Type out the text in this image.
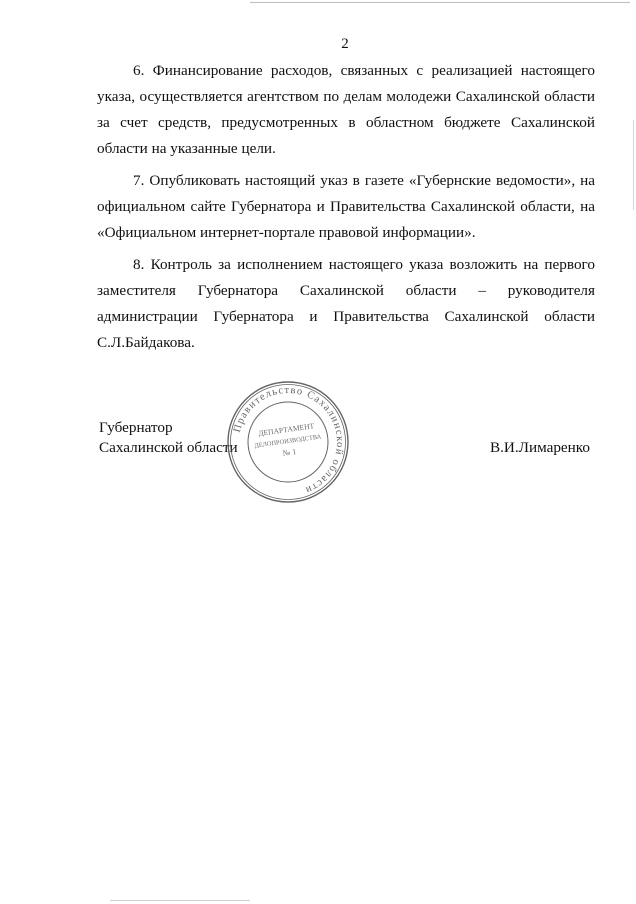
2

6. Финансирование расходов, связанных с реализацией настоящего указа, осуществляется агентством по делам молодежи Сахалинской области за счет средств, предусмотренных в областном бюджете Сахалинской области на указанные цели.

7. Опубликовать настоящий указ в газете «Губернские ведомости», на официальном сайте Губернатора и Правительства Сахалинской области, на «Официальном интернет-портале правовой информации».

8. Контроль за исполнением настоящего указа возложить на первого заместителя Губернатора Сахалинской области – руководителя администрации Губернатора и Правительства Сахалинской области С.Л.Байдакова.

Губернатор
Сахалинской области	В.И.Лимаренко
Правительство Сахалинской области
ДЕПАРТАМЕНТ
ДЕЛОПРОИЗВОДСТВА
№ 1
